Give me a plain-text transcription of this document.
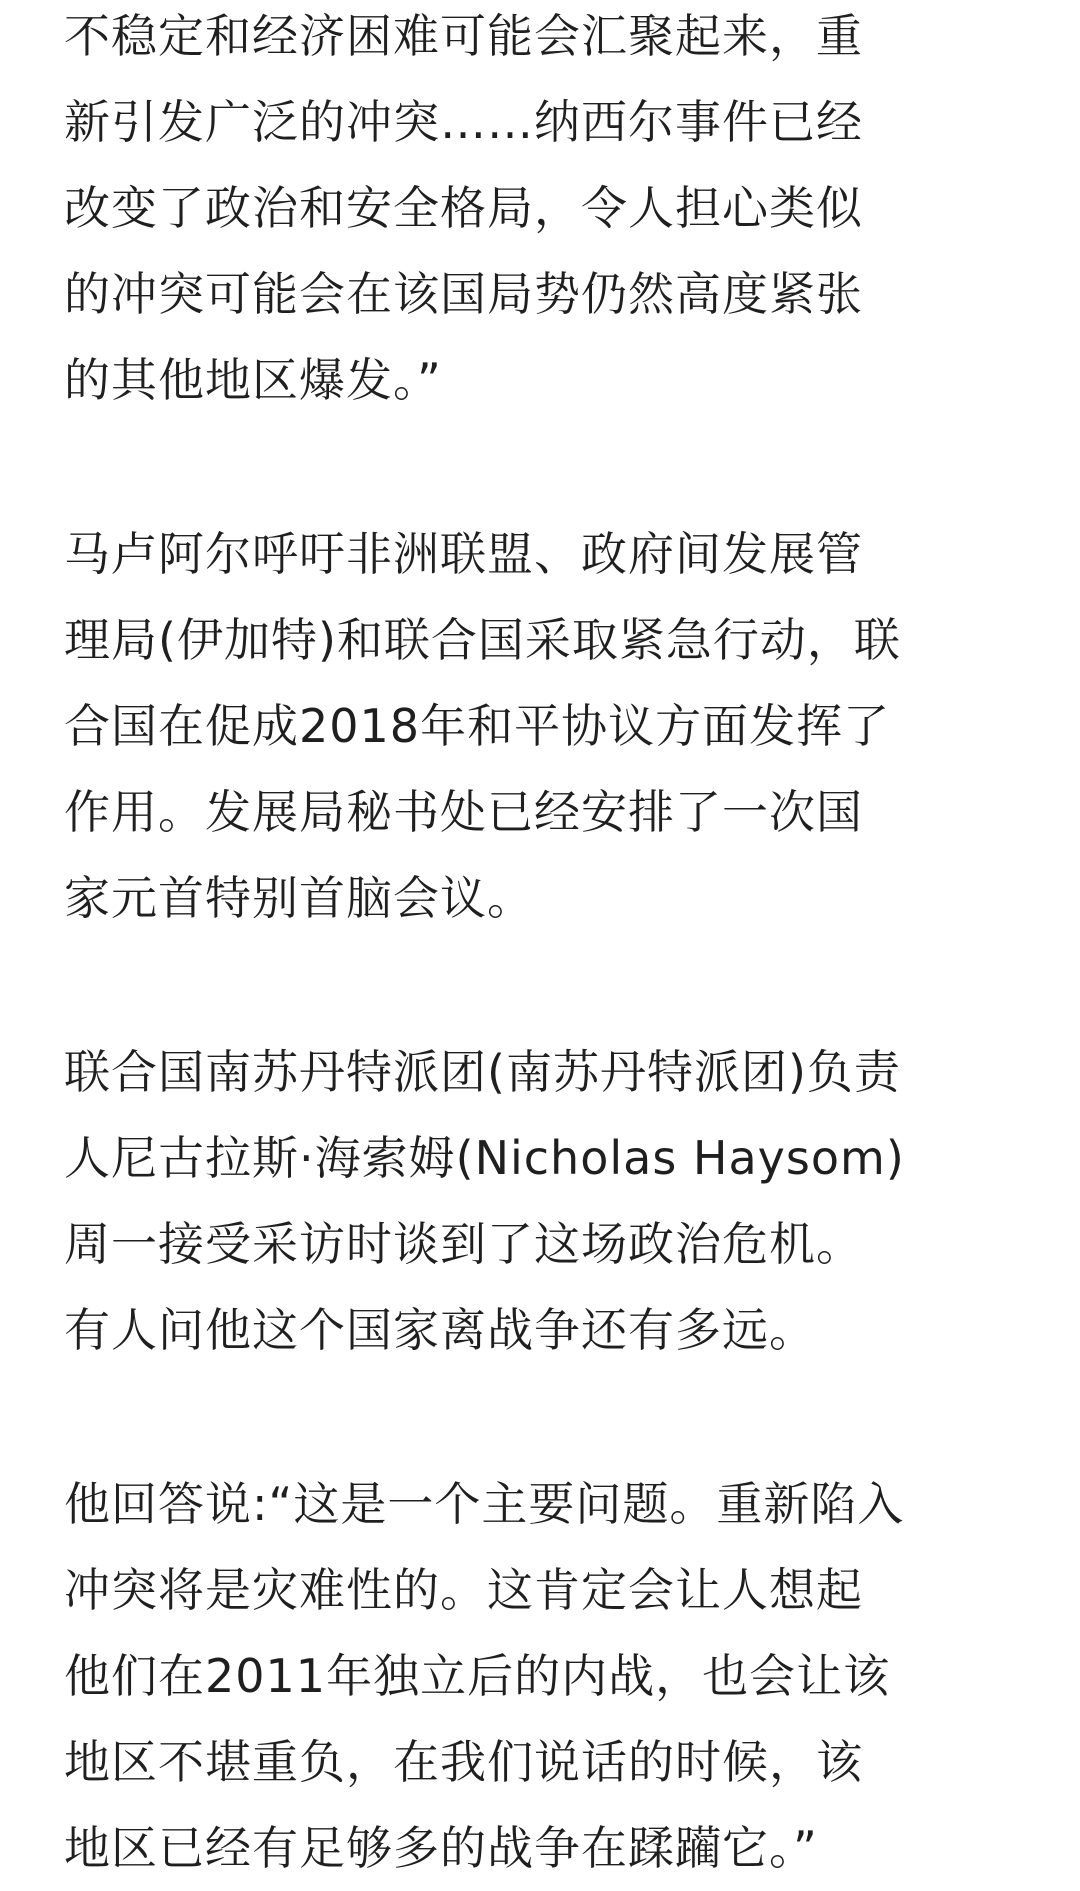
不稳定和经济困难可能会汇聚起来，重
新引发广泛的冲突……纳西尔事件已经
改变了政治和安全格局，令人担心类似
的冲突可能会在该国局势仍然高度紧张
的其他地区爆发。”

马卢阿尔呼吁非洲联盟、政府间发展管
理局(伊加特)和联合国采取紧急行动，联
合国在促成2018年和平协议方面发挥了
作用。发展局秘书处已经安排了一次国
家元首特别首脑会议。

联合国南苏丹特派团(南苏丹特派团)负责
人尼古拉斯·海索姆(Nicholas Haysom)
周一接受采访时谈到了这场政治危机。
有人问他这个国家离战争还有多远。

他回答说:“这是一个主要问题。重新陷入
冲突将是灾难性的。这肯定会让人想起
他们在2011年独立后的内战，也会让该
地区不堪重负，在我们说话的时候，该
地区已经有足够多的战争在蹂躏它。”
